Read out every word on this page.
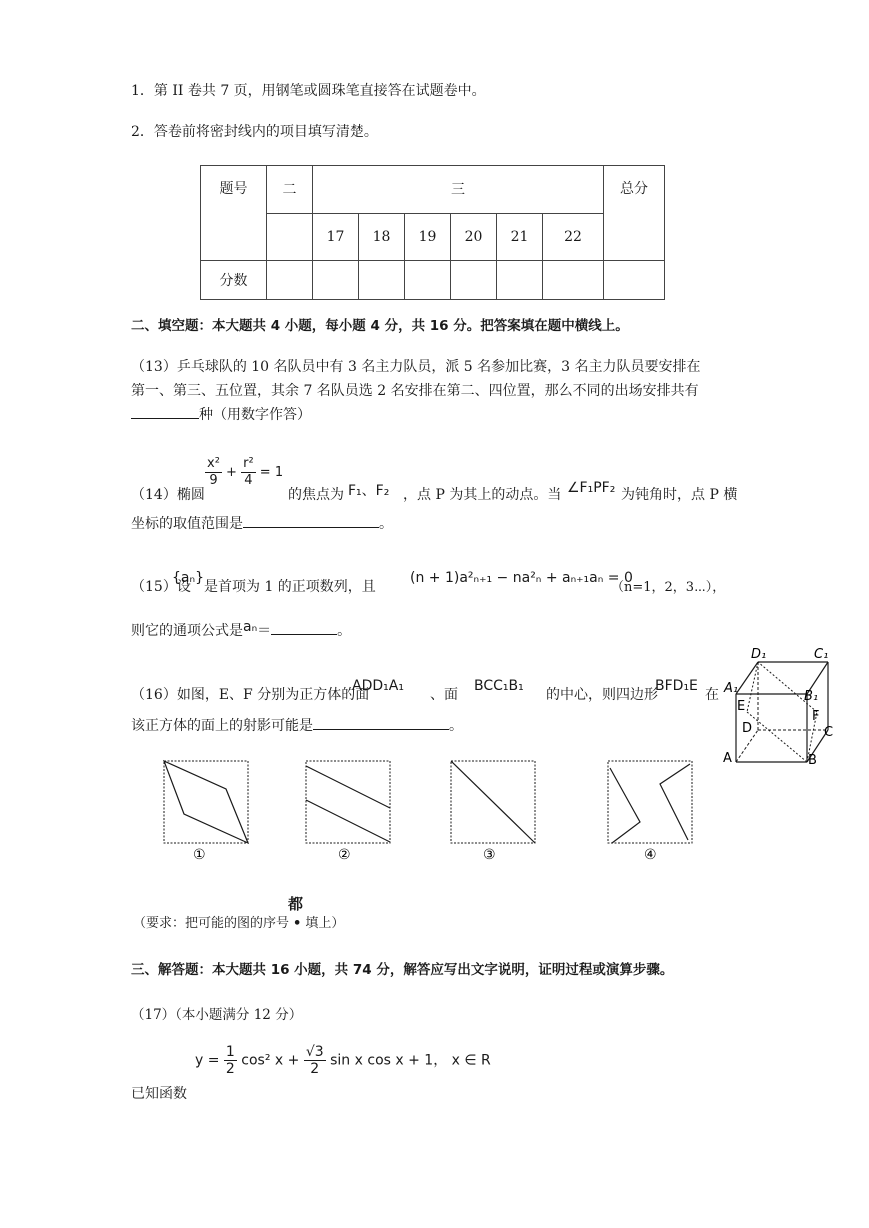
1．第 II 卷共 7 页，用钢笔或圆珠笔直接答在试题卷中。
2．答卷前将密封线内的项目填写清楚。
题号	二	三						总分
		17	18	19	20	21	22	
分数								
二、填空题：本大题共 4 小题，每小题 4 分，共 16 分。把答案填在题中横线上。
（13）乒乓球队的 10 名队员中有 3 名主力队员，派 5 名参加比赛，3 名主力队员要安排在
第一、第三、五位置，其余 7 名队员选 2 名安排在第二、四位置，那么不同的出场安排共有
种（用数字作答）
（14）椭圆
$\frac{\text{x²}}{9} + \frac{\text{r²}}{4} = 1$
的焦点为 F₁、F₂ ，点 P 为其上的动点。当 ∠F₁PF₂ 为钝角时，点 P 横
坐标的取值范围是	。
（15）设
{aₙ}
是首项为 1 的正项数列，且
(n + 1)a²ₙ₊₁ − na²ₙ + aₙ₊₁aₙ = 0
（n=1，2，3⋯），
则它的通项公式是aₙ＝	。
（16）如图，E、F 分别为正方体的面
ADD₁A₁
、面
BCC₁B₁
的中心，则四边形
BFD₁E
在
该正方体的面上的射影可能是	。
D₁	C₁
A₁
B₁
E
F
D	C
A	B
①	②	③	④
都
（要求：把可能的图的序号 • 填上）
三、解答题：本大题共 16 小题，共 74 分，解答应写出文字说明，证明过程或演算步骤。
（17）（本小题满分 12 分）
已知函数
$y = \frac{1}{2} \cos^2$ $x + \frac{√3}{2}$ sin x cos x + 1， x ∈ R
